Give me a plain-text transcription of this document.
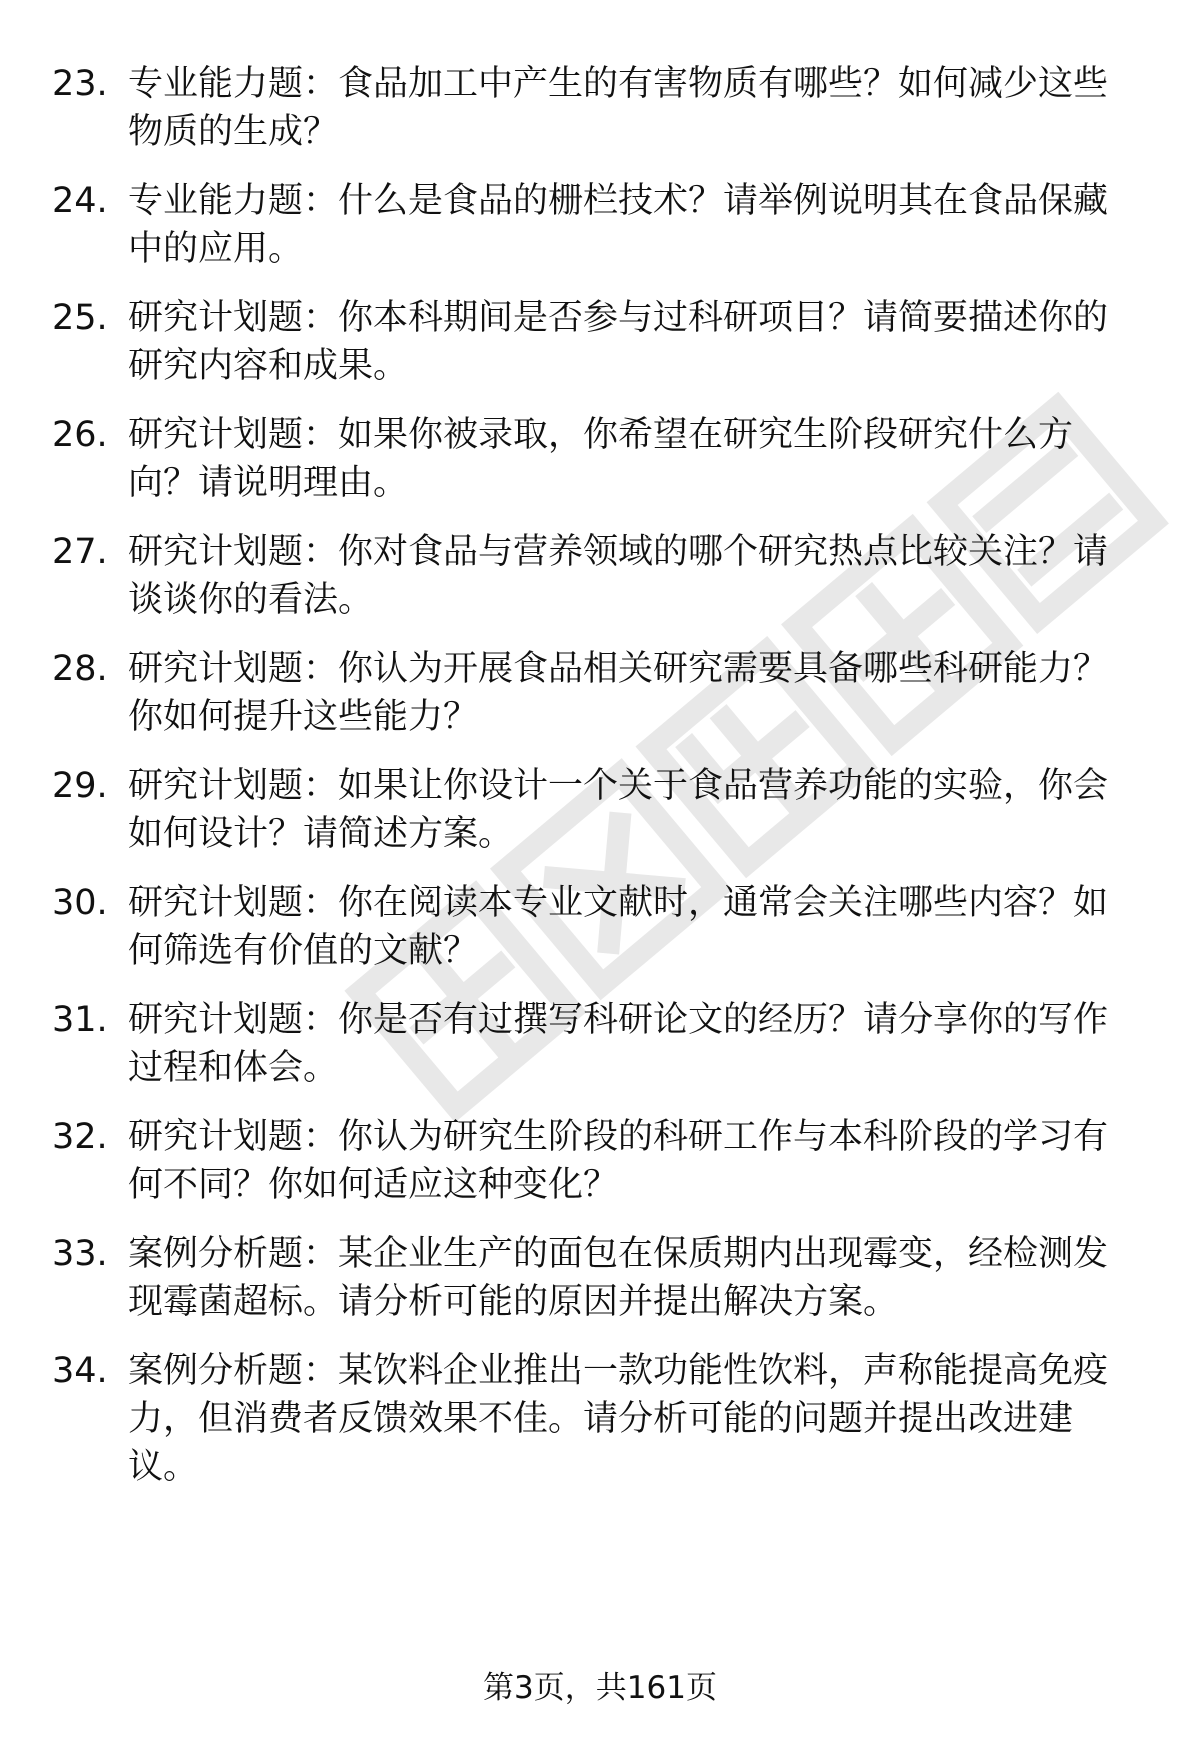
23. 专业能力题：食品加工中产生的有害物质有哪些？如何减少这些物质的生成？
24. 专业能力题：什么是食品的栅栏技术？请举例说明其在食品保藏中的应用。
25. 研究计划题：你本科期间是否参与过科研项目？请简要描述你的研究内容和成果。
26. 研究计划题：如果你被录取，你希望在研究生阶段研究什么方向？请说明理由。
27. 研究计划题：你对食品与营养领域的哪个研究热点比较关注？请谈谈你的看法。
28. 研究计划题：你认为开展食品相关研究需要具备哪些科研能力？你如何提升这些能力？
29. 研究计划题：如果让你设计一个关于食品营养功能的实验，你会如何设计？请简述方案。
30. 研究计划题：你在阅读本专业文献时，通常会关注哪些内容？如何筛选有价值的文献？
31. 研究计划题：你是否有过撰写科研论文的经历？请分享你的写作过程和体会。
32. 研究计划题：你认为研究生阶段的科研工作与本科阶段的学习有何不同？你如何适应这种变化？
33. 案例分析题：某企业生产的面包在保质期内出现霉变，经检测发现霉菌超标。请分析可能的原因并提出解决方案。
34. 案例分析题：某饮料企业推出一款功能性饮料，声称能提高免疫力，但消费者反馈效果不佳。请分析可能的问题并提出改进建议。
第3页，共161页
